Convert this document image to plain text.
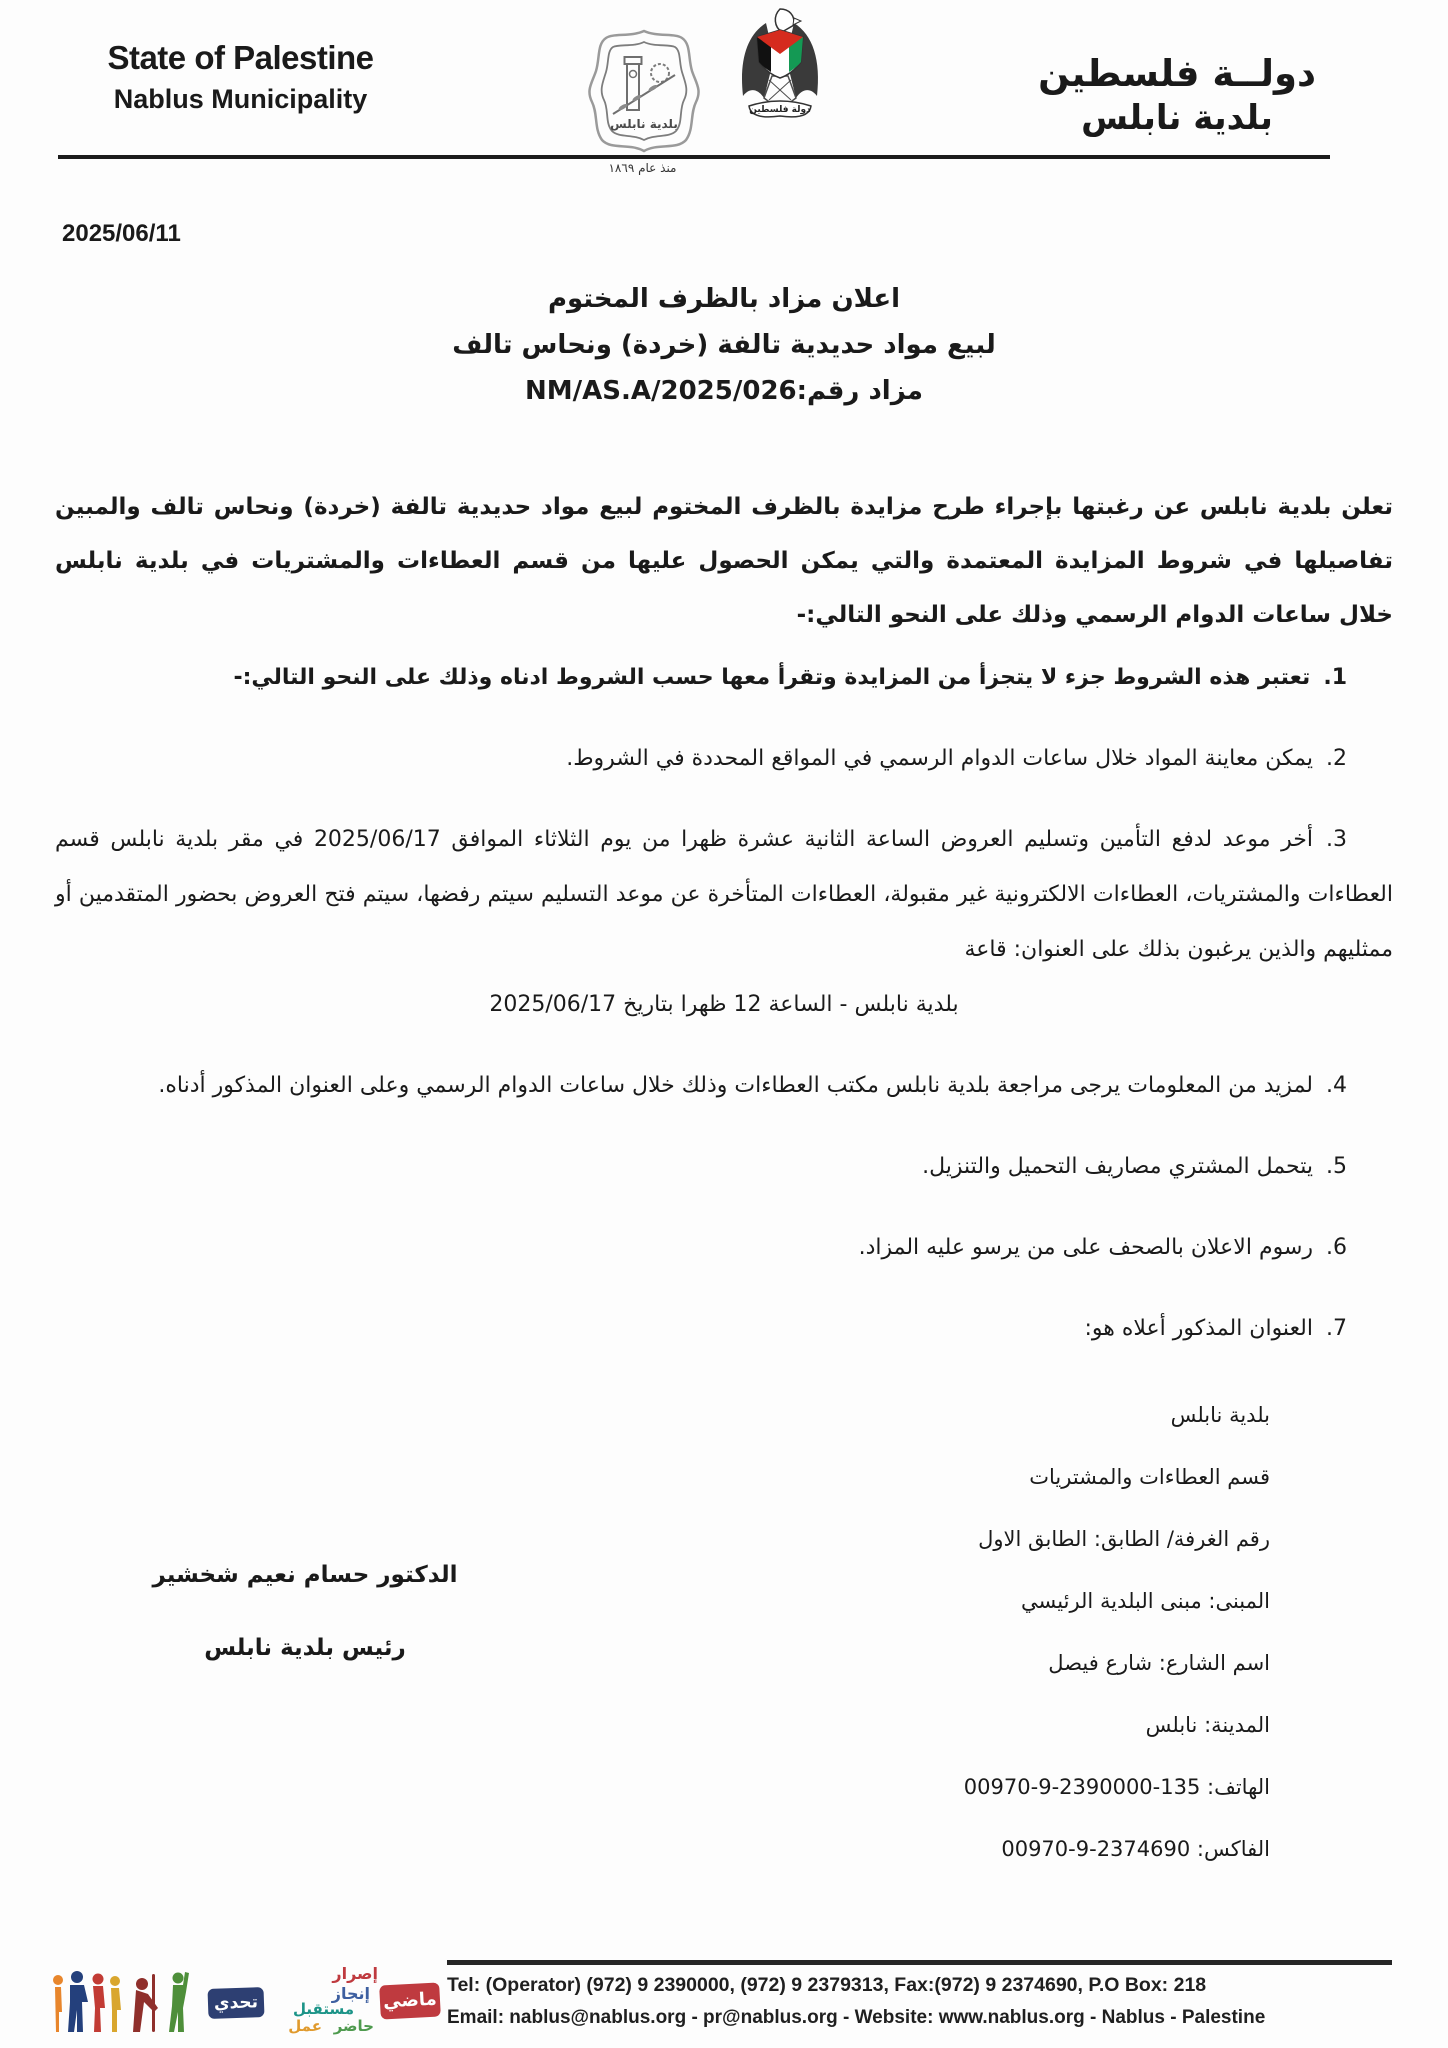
State of Palestine
Nablus Municipality
بلدية نابلس
دولة فلسطين
دولــة فلسطين
بلدية نابلس
منذ عام ١٨٦٩
2025/06/11
اعلان مزاد بالظرف المختوم
لبيع مواد حديدية تالفة (خردة) ونحاس تالف
مزاد رقم:NM/AS.A/2025/026
تعلن بلدية نابلس عن رغبتها بإجراء طرح مزايدة بالظرف المختوم لبيع مواد حديدية تالفة (خردة) ونحاس تالف والمبين تفاصيلها في شروط المزايدة المعتمدة والتي يمكن الحصول عليها من قسم العطاءات والمشتريات في بلدية نابلس خلال ساعات الدوام الرسمي وذلك على النحو التالي:-
1.تعتبر هذه الشروط جزء لا يتجزأ من المزايدة وتقرأ معها حسب الشروط ادناه وذلك على النحو التالي:-
2.يمكن معاينة المواد خلال ساعات الدوام الرسمي في المواقع المحددة في الشروط.
3.أخر موعد لدفع التأمين وتسليم العروض الساعة الثانية عشرة ظهرا من يوم الثلاثاء الموافق 2025/06/17 في مقر بلدية نابلس قسم العطاءات والمشتريات، العطاءات الالكترونية غير مقبولة، العطاءات المتأخرة عن موعد التسليم سيتم رفضها، سيتم فتح العروض بحضور المتقدمين أو ممثليهم والذين يرغبون بذلك على العنوان: قاعة
بلدية نابلس - الساعة 12 ظهرا بتاريخ 2025/06/17
4.لمزيد من المعلومات يرجى مراجعة بلدية نابلس مكتب العطاءات وذلك خلال ساعات الدوام الرسمي وعلى العنوان المذكور أدناه.
5.يتحمل المشتري مصاريف التحميل والتنزيل.
6.رسوم الاعلان بالصحف على من يرسو عليه المزاد.
7.العنوان المذكور أعلاه هو:
بلدية نابلس
قسم العطاءات والمشتريات
رقم الغرفة/ الطابق: الطابق الاول
المبنى: مبنى البلدية الرئيسي
اسم الشارع: شارع فيصل
المدينة: نابلس
الهاتف: 135-2390000-9-00970
الفاكس: 2374690-9-00970
الدكتور حسام نعيم شخشير
رئيس بلدية نابلس
Tel: (Operator) (972) 9 2390000, (972) 9 2379313, Fax:(972) 9 2374690, P.O Box: 218
Email: nablus@nablus.org - pr@nablus.org - Website: www.nablus.org - Nablus - Palestine
تحدي
إصرار
إنجاز
مستقبل
حاضر
عمل
ماضي
